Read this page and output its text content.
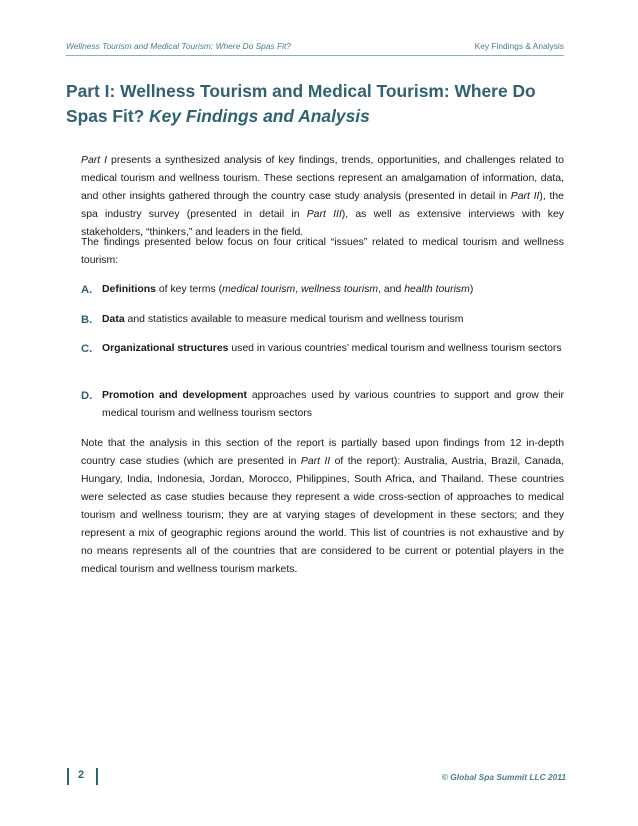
Wellness Tourism and Medical Tourism: Where Do Spas Fit?	Key Findings & Analysis
Part I: Wellness Tourism and Medical Tourism: Where Do Spas Fit? Key Findings and Analysis

Part I presents a synthesized analysis of key findings, trends, opportunities, and challenges related to medical tourism and wellness tourism. These sections represent an amalgamation of information, data, and other insights gathered through the country case study analysis (presented in detail in Part II), the spa industry survey (presented in detail in Part III), as well as extensive interviews with key stakeholders, “thinkers,” and leaders in the field.

The findings presented below focus on four critical “issues” related to medical tourism and wellness tourism:

A. Definitions of key terms (medical tourism, wellness tourism, and health tourism)
B. Data and statistics available to measure medical tourism and wellness tourism
C. Organizational structures used in various countries’ medical tourism and wellness tourism sectors
D. Promotion and development approaches used by various countries to support and grow their medical tourism and wellness tourism sectors

Note that the analysis in this section of the report is partially based upon findings from 12 in-depth country case studies (which are presented in Part II of the report): Australia, Austria, Brazil, Canada, Hungary, India, Indonesia, Jordan, Morocco, Philippines, South Africa, and Thailand. These countries were selected as case studies because they represent a wide cross-section of approaches to medical tourism and wellness tourism; they are at varying stages of development in these sectors; and they represent a mix of geographic regions around the world. This list of countries is not exhaustive and by no means represents all of the countries that are considered to be current or potential players in the medical tourism and wellness tourism markets.

2	© Global Spa Summit LLC 2011
